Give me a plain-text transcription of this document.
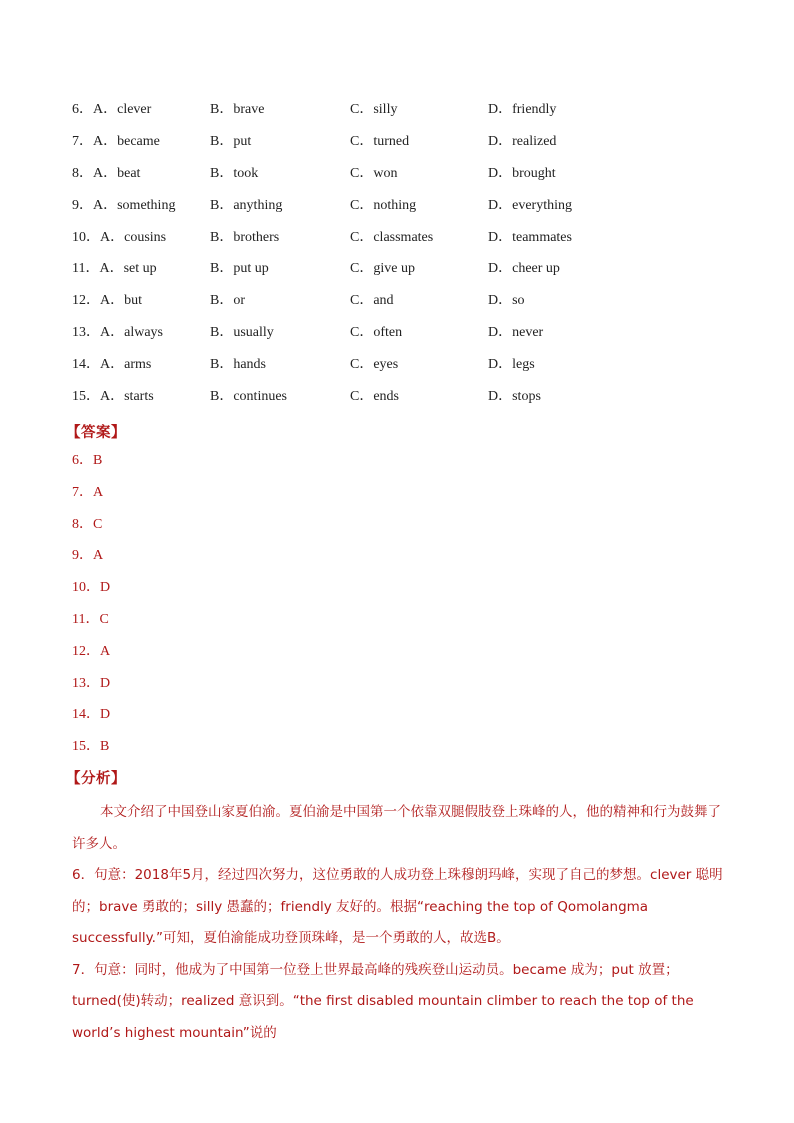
6．A．clever	B．brave	C．silly	D．friendly
7．A．became	B．put	C．turned	D．realized
8．A．beat	B．took	C．won	D．brought
9．A．something	B．anything	C．nothing	D．everything
10．A．cousins	B．brothers	C．classmates	D．teammates
11．A．set up	B．put up	C．give up	D．cheer up
12．A．but	B．or	C．and	D．so
13．A．always	B．usually	C．often	D．never
14．A．arms	B．hands	C．eyes	D．legs
15．A．starts	B．continues	C．ends	D．stops
【答案】
6．B
7．A
8．C
9．A
10．D
11．C
12．A
13．D
14．D
15．B
【分析】

本文介绍了中国登山家夏伯渝。夏伯渝是中国第一个依靠双腿假肢登上珠峰的人，他的精神和行为鼓舞了许多人。

6．句意：2018年5月，经过四次努力，这位勇敢的人成功登上珠穆朗玛峰，实现了自己的梦想。clever 聪明的；brave 勇敢的；silly 愚蠢的；friendly 友好的。根据“reaching the top of Qomolangma successfully.”可知，夏伯渝能成功登顶珠峰，是一个勇敢的人，故选B。

7．句意：同时，他成为了中国第一位登上世界最高峰的残疾登山运动员。became 成为；put 放置；turned(使)转动；realized 意识到。“the first disabled mountain climber to reach the top of the world’s highest mountain”说的
